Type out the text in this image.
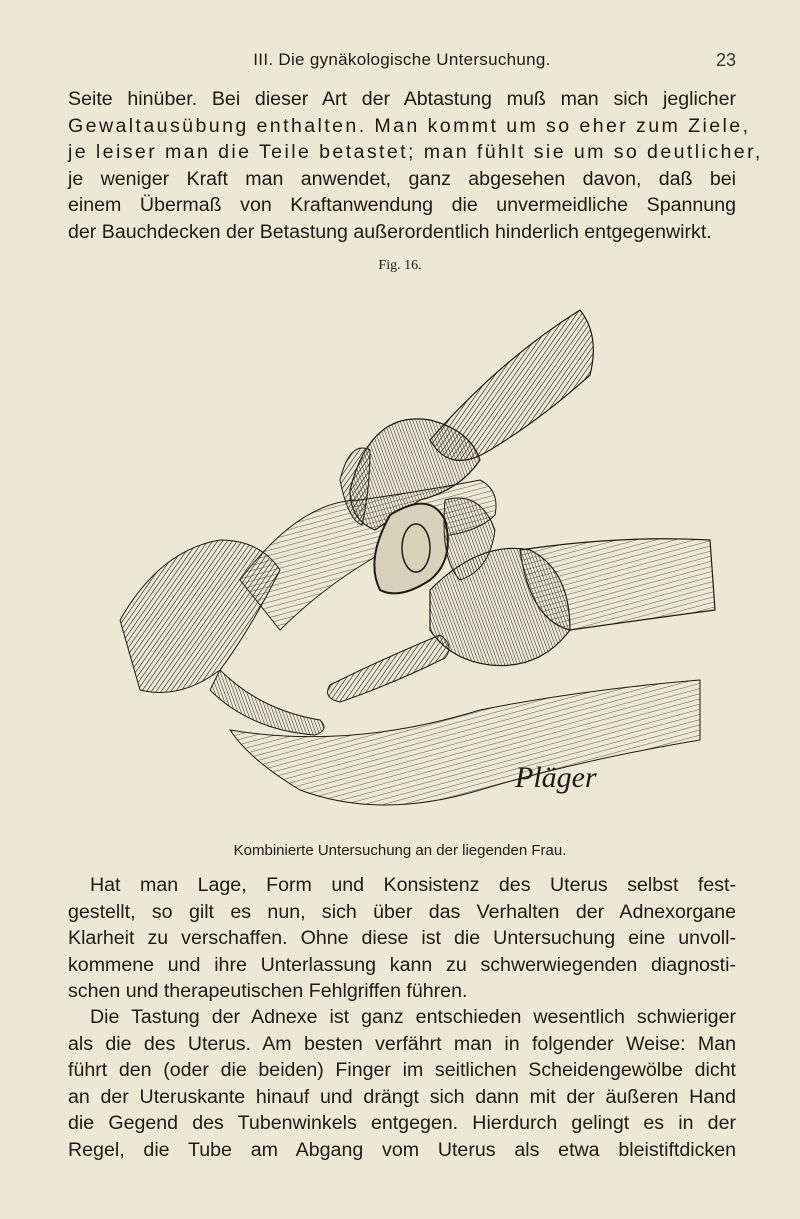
III. Die gynäkologische Untersuchung.	23

Seite hinüber. Bei dieser Art der Abtastung muß man sich jeglicher
Gewaltausübung enthalten. Man kommt um so eher zum Ziele,
je leiser man die Teile betastet; man fühlt sie um so deutlicher,
je weniger Kraft man anwendet, ganz abgesehen davon, daß bei
einem Übermaß von Kraftanwendung die unvermeidliche Spannung
der Bauchdecken der Betastung außerordentlich hinderlich entgegenwirkt.

Fig. 16.
Pläger
Kombinierte Untersuchung an der liegenden Frau.

Hat man Lage, Form und Konsistenz des Uterus selbst fest-
gestellt, so gilt es nun, sich über das Verhalten der Adnexorgane
Klarheit zu verschaffen. Ohne diese ist die Untersuchung eine unvoll-
kommene und ihre Unterlassung kann zu schwerwiegenden diagnosti-
schen und therapeutischen Fehlgriffen führen.

Die Tastung der Adnexe ist ganz entschieden wesentlich schwieriger
als die des Uterus. Am besten verfährt man in folgender Weise: Man
führt den (oder die beiden) Finger im seitlichen Scheidengewölbe dicht
an der Uteruskante hinauf und drängt sich dann mit der äußeren Hand
die Gegend des Tubenwinkels entgegen. Hierdurch gelingt es in der
Regel, die Tube am Abgang vom Uterus als etwa bleistiftdicken
